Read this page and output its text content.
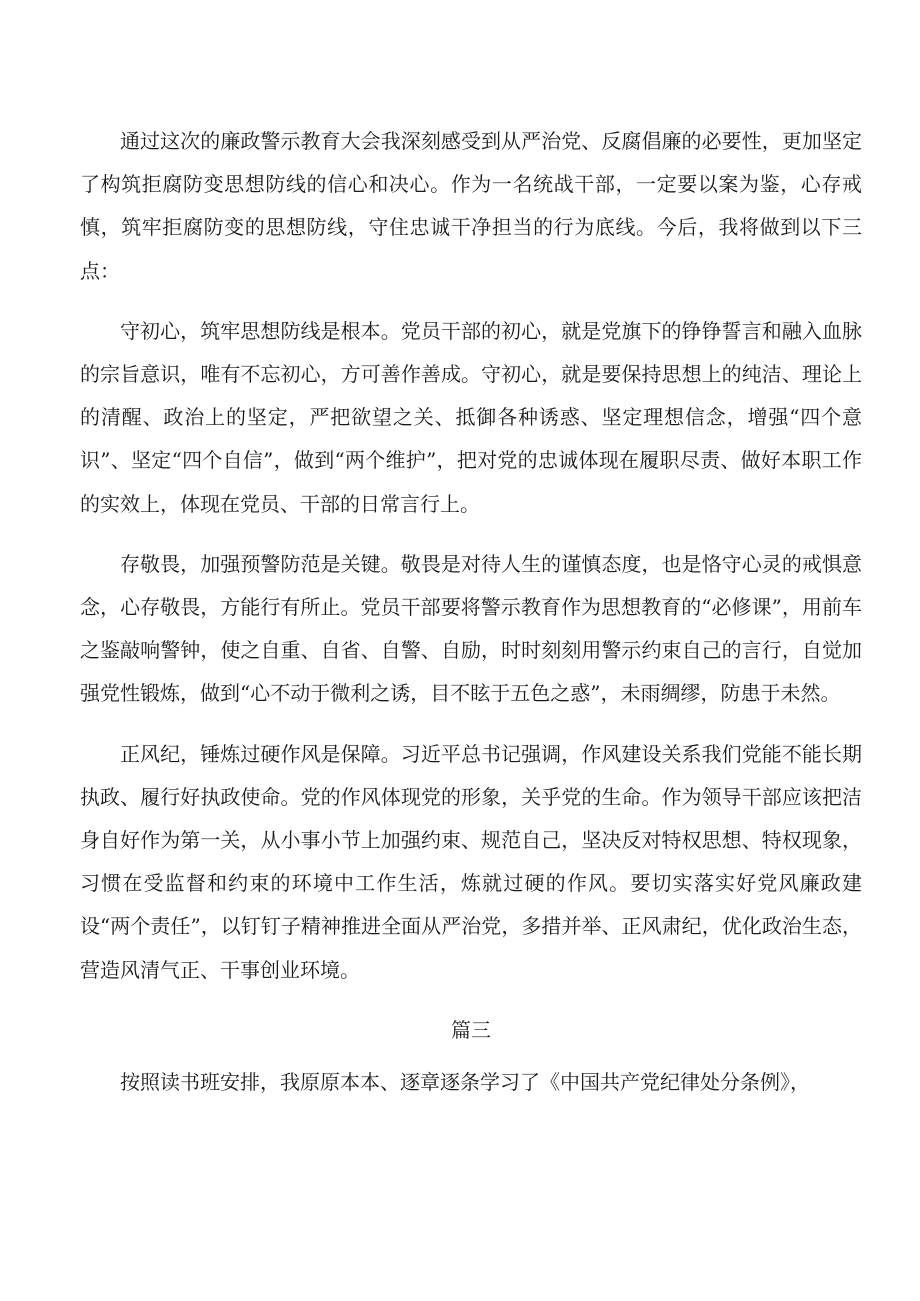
通过这次的廉政警示教育大会我深刻感受到从严治党、反腐倡廉的必要性，更加坚定了构筑拒腐防变思想防线的信心和决心。作为一名统战干部，一定要以案为鉴，心存戒慎，筑牢拒腐防变的思想防线，守住忠诚干净担当的行为底线。今后，我将做到以下三点：

守初心，筑牢思想防线是根本。党员干部的初心，就是党旗下的铮铮誓言和融入血脉的宗旨意识，唯有不忘初心，方可善作善成。守初心，就是要保持思想上的纯洁、理论上的清醒、政治上的坚定，严把欲望之关、抵御各种诱惑、坚定理想信念，增强“四个意识”、坚定“四个自信”，做到“两个维护”，把对党的忠诚体现在履职尽责、做好本职工作的实效上，体现在党员、干部的日常言行上。

存敬畏，加强预警防范是关键。敬畏是对待人生的谨慎态度，也是恪守心灵的戒惧意念，心存敬畏，方能行有所止。党员干部要将警示教育作为思想教育的“必修课”，用前车之鉴敲响警钟，使之自重、自省、自警、自励，时时刻刻用警示约束自己的言行，自觉加强党性锻炼，做到“心不动于微利之诱，目不眩于五色之惑”，未雨绸缪，防患于未然。

正风纪，锤炼过硬作风是保障。习近平总书记强调，作风建设关系我们党能不能长期执政、履行好执政使命。党的作风体现党的形象，关乎党的生命。作为领导干部应该把洁身自好作为第一关，从小事小节上加强约束、规范自己，坚决反对特权思想、特权现象，习惯在受监督和约束的环境中工作生活，炼就过硬的作风。要切实落实好党风廉政建设“两个责任”，以钉钉子精神推进全面从严治党，多措并举、正风肃纪，优化政治生态，营造风清气正、干事创业环境。

篇三

按照读书班安排，我原原本本、逐章逐条学习了《中国共产党纪律处分条例》，
